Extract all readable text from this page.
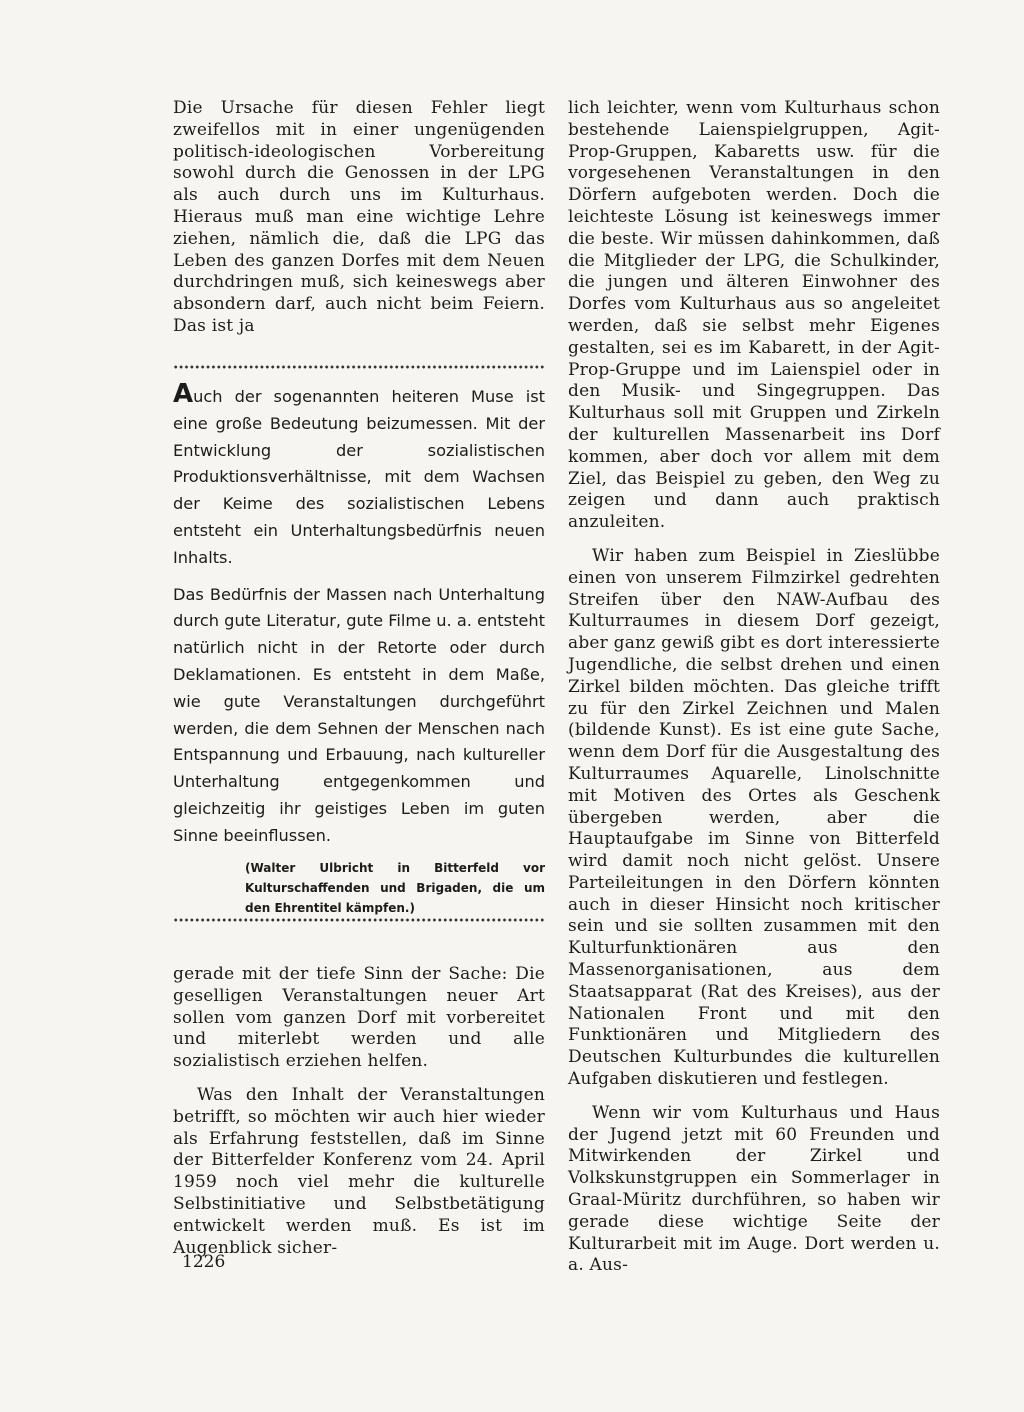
Die Ursache für diesen Fehler liegt zweifellos mit in einer ungenügenden politisch-ideologischen Vorbereitung sowohl durch die Genossen in der LPG als auch durch uns im Kulturhaus. Hieraus muß man eine wichtige Lehre ziehen, nämlich die, daß die LPG das Leben des ganzen Dorfes mit dem Neuen durchdringen muß, sich keineswegs aber absondern darf, auch nicht beim Feiern. Das ist ja

Auch der sogenannten heiteren Muse ist eine große Bedeutung beizumessen. Mit der Entwicklung der sozialistischen Produktionsverhältnisse, mit dem Wachsen der Keime des sozialistischen Lebens entsteht ein Unterhaltungsbedürfnis neuen Inhalts.

Das Bedürfnis der Massen nach Unterhaltung durch gute Literatur, gute Filme u. a. entsteht natürlich nicht in der Retorte oder durch Deklamationen. Es entsteht in dem Maße, wie gute Veranstaltungen durchgeführt werden, die dem Sehnen der Menschen nach Entspannung und Erbauung, nach kultureller Unterhaltung entgegenkommen und gleichzeitig ihr geistiges Leben im guten Sinne beeinflussen.

(Walter Ulbricht in Bitterfeld vor Kulturschaffenden und Brigaden, die um den Ehrentitel kämpfen.)

gerade mit der tiefe Sinn der Sache: Die geselligen Veranstaltungen neuer Art sollen vom ganzen Dorf mit vorbereitet und miterlebt werden und alle sozialistisch erziehen helfen.

Was den Inhalt der Veranstaltungen betrifft, so möchten wir auch hier wieder als Erfahrung feststellen, daß im Sinne der Bitterfelder Konferenz vom 24. April 1959 noch viel mehr die kulturelle Selbstinitiative und Selbstbetätigung entwickelt werden muß. Es ist im Augenblick sicher-

lich leichter, wenn vom Kulturhaus schon bestehende Laienspielgruppen, Agit-Prop-Gruppen, Kabaretts usw. für die vorgesehenen Veranstaltungen in den Dörfern aufgeboten werden. Doch die leichteste Lösung ist keineswegs immer die beste. Wir müssen dahinkommen, daß die Mitglieder der LPG, die Schulkinder, die jungen und älteren Einwohner des Dorfes vom Kulturhaus aus so angeleitet werden, daß sie selbst mehr Eigenes gestalten, sei es im Kabarett, in der Agit-Prop-Gruppe und im Laienspiel oder in den Musik- und Singegruppen. Das Kulturhaus soll mit Gruppen und Zirkeln der kulturellen Massenarbeit ins Dorf kommen, aber doch vor allem mit dem Ziel, das Beispiel zu geben, den Weg zu zeigen und dann auch praktisch anzuleiten.

Wir haben zum Beispiel in Zieslübbe einen von unserem Filmzirkel gedrehten Streifen über den NAW-Aufbau des Kulturraumes in diesem Dorf gezeigt, aber ganz gewiß gibt es dort interessierte Jugendliche, die selbst drehen und einen Zirkel bilden möchten. Das gleiche trifft zu für den Zirkel Zeichnen und Malen (bildende Kunst). Es ist eine gute Sache, wenn dem Dorf für die Ausgestaltung des Kulturraumes Aquarelle, Linolschnitte mit Motiven des Ortes als Geschenk übergeben werden, aber die Hauptaufgabe im Sinne von Bitterfeld wird damit noch nicht gelöst. Unsere Parteileitungen in den Dörfern könnten auch in dieser Hinsicht noch kritischer sein und sie sollten zusammen mit den Kulturfunktionären aus den Massenorganisationen, aus dem Staatsapparat (Rat des Kreises), aus der Nationalen Front und mit den Funktionären und Mitgliedern des Deutschen Kulturbundes die kulturellen Aufgaben diskutieren und festlegen.

Wenn wir vom Kulturhaus und Haus der Jugend jetzt mit 60 Freunden und Mitwirkenden der Zirkel und Volkskunstgruppen ein Sommerlager in Graal-Müritz durchführen, so haben wir gerade diese wichtige Seite der Kulturarbeit mit im Auge. Dort werden u. a. Aus-

1226
